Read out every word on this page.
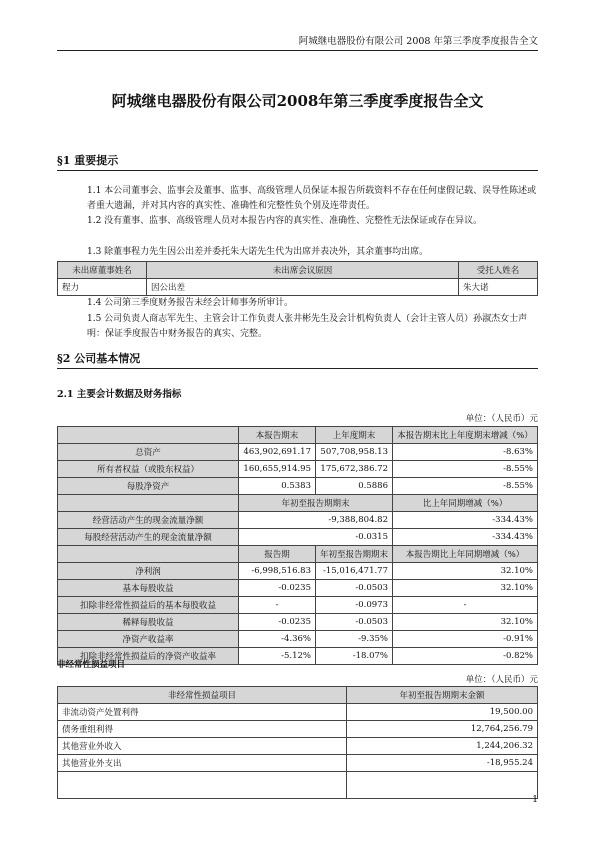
阿城继电器股份有限公司 2008 年第三季度季度报告全文
阿城继电器股份有限公司2008年第三季度季度报告全文
§1 重要提示
1.1 本公司董事会、监事会及董事、监事、高级管理人员保证本报告所载资料不存在任何虚假记载、误导性陈述或者重大遗漏，并对其内容的真实性、准确性和完整性负个别及连带责任。
1.2 没有董事、监事、高级管理人员对本报告内容的真实性、准确性、完整性无法保证或存在异议。
1.3 除董事程力先生因公出差并委托朱大诺先生代为出席并表决外，其余董事均出席。
未出席董事姓名	未出席会议原因	受托人姓名
程力	因公出差	朱大诺
1.4 公司第三季度财务报告未经会计师事务所审计。
1.5 公司负责人商志军先生、主管会计工作负责人张井彬先生及会计机构负责人（会计主管人员）孙淑杰女士声明：保证季度报告中财务报告的真实、完整。
§2 公司基本情况
2.1 主要会计数据及财务指标
单位：（人民币）元
	本报告期末	上年度期末	本报告期末比上年度期末增减（%）
总资产	463,902,691.17	507,708,958.13	-8.63%
所有者权益（或股东权益）	160,655,914.95	175,672,386.72	-8.55%
每股净资产	0.5383	0.5886	-8.55%
	年初至报告期期末		比上年同期增减（%）
经营活动产生的现金流量净额	-9,388,804.82		-334.43%
每股经营活动产生的现金流量净额	-0.0315		-334.43%
	报告期	年初至报告期期末	本报告期比上年同期增减（%）
净利润	-6,998,516.83	-15,016,471.77	32.10%
基本每股收益	-0.0235	-0.0503	32.10%
扣除非经常性损益后的基本每股收益	-	-0.0973	-
稀释每股收益	-0.0235	-0.0503	32.10%
净资产收益率	-4.36%	-9.35%	-0.91%
扣除非经常性损益后的净资产收益率	-5.12%	-18.07%	-0.82%
非经常性损益项目
单位：（人民币）元
非经常性损益项目	年初至报告期期末金额
非流动资产处置利得	19,500.00
债务重组利得	12,764,256.79
其他营业外收入	1,244,206.32
其他营业外支出	-18,955.24

1
